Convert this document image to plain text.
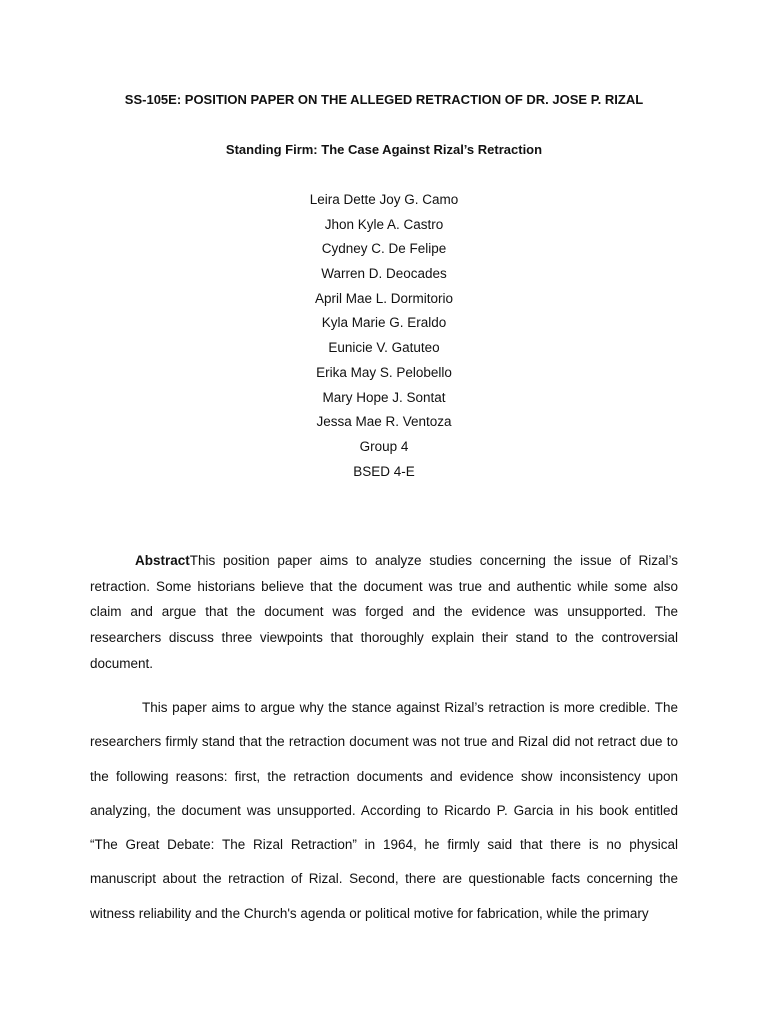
SS-105E: POSITION PAPER ON THE ALLEGED RETRACTION OF DR. JOSE P. RIZAL
Standing Firm: The Case Against Rizal’s Retraction
Leira Dette Joy G. Camo
Jhon Kyle A. Castro
Cydney C. De Felipe
Warren D. Deocades
April Mae L. Dormitorio
Kyla Marie G. Eraldo
Eunicie V. Gatuteo
Erika May S. Pelobello
Mary Hope J. Sontat
Jessa Mae R. Ventoza
Group 4
BSED 4-E

AbstractThis position paper aims to analyze studies concerning the issue of Rizal’s retraction. Some historians believe that the document was true and authentic while some also claim and argue that the document was forged and the evidence was unsupported. The researchers discuss three viewpoints that thoroughly explain their stand to the controversial document.

This paper aims to argue why the stance against Rizal’s retraction is more credible. The researchers firmly stand that the retraction document was not true and Rizal did not retract due to the following reasons: first, the retraction documents and evidence show inconsistency upon analyzing, the document was unsupported. According to Ricardo P. Garcia in his book entitled “The Great Debate: The Rizal Retraction” in 1964, he firmly said that there is no physical manuscript about the retraction of Rizal. Second, there are questionable facts concerning the witness reliability and the Church's agenda or political motive for fabrication, while the primary
